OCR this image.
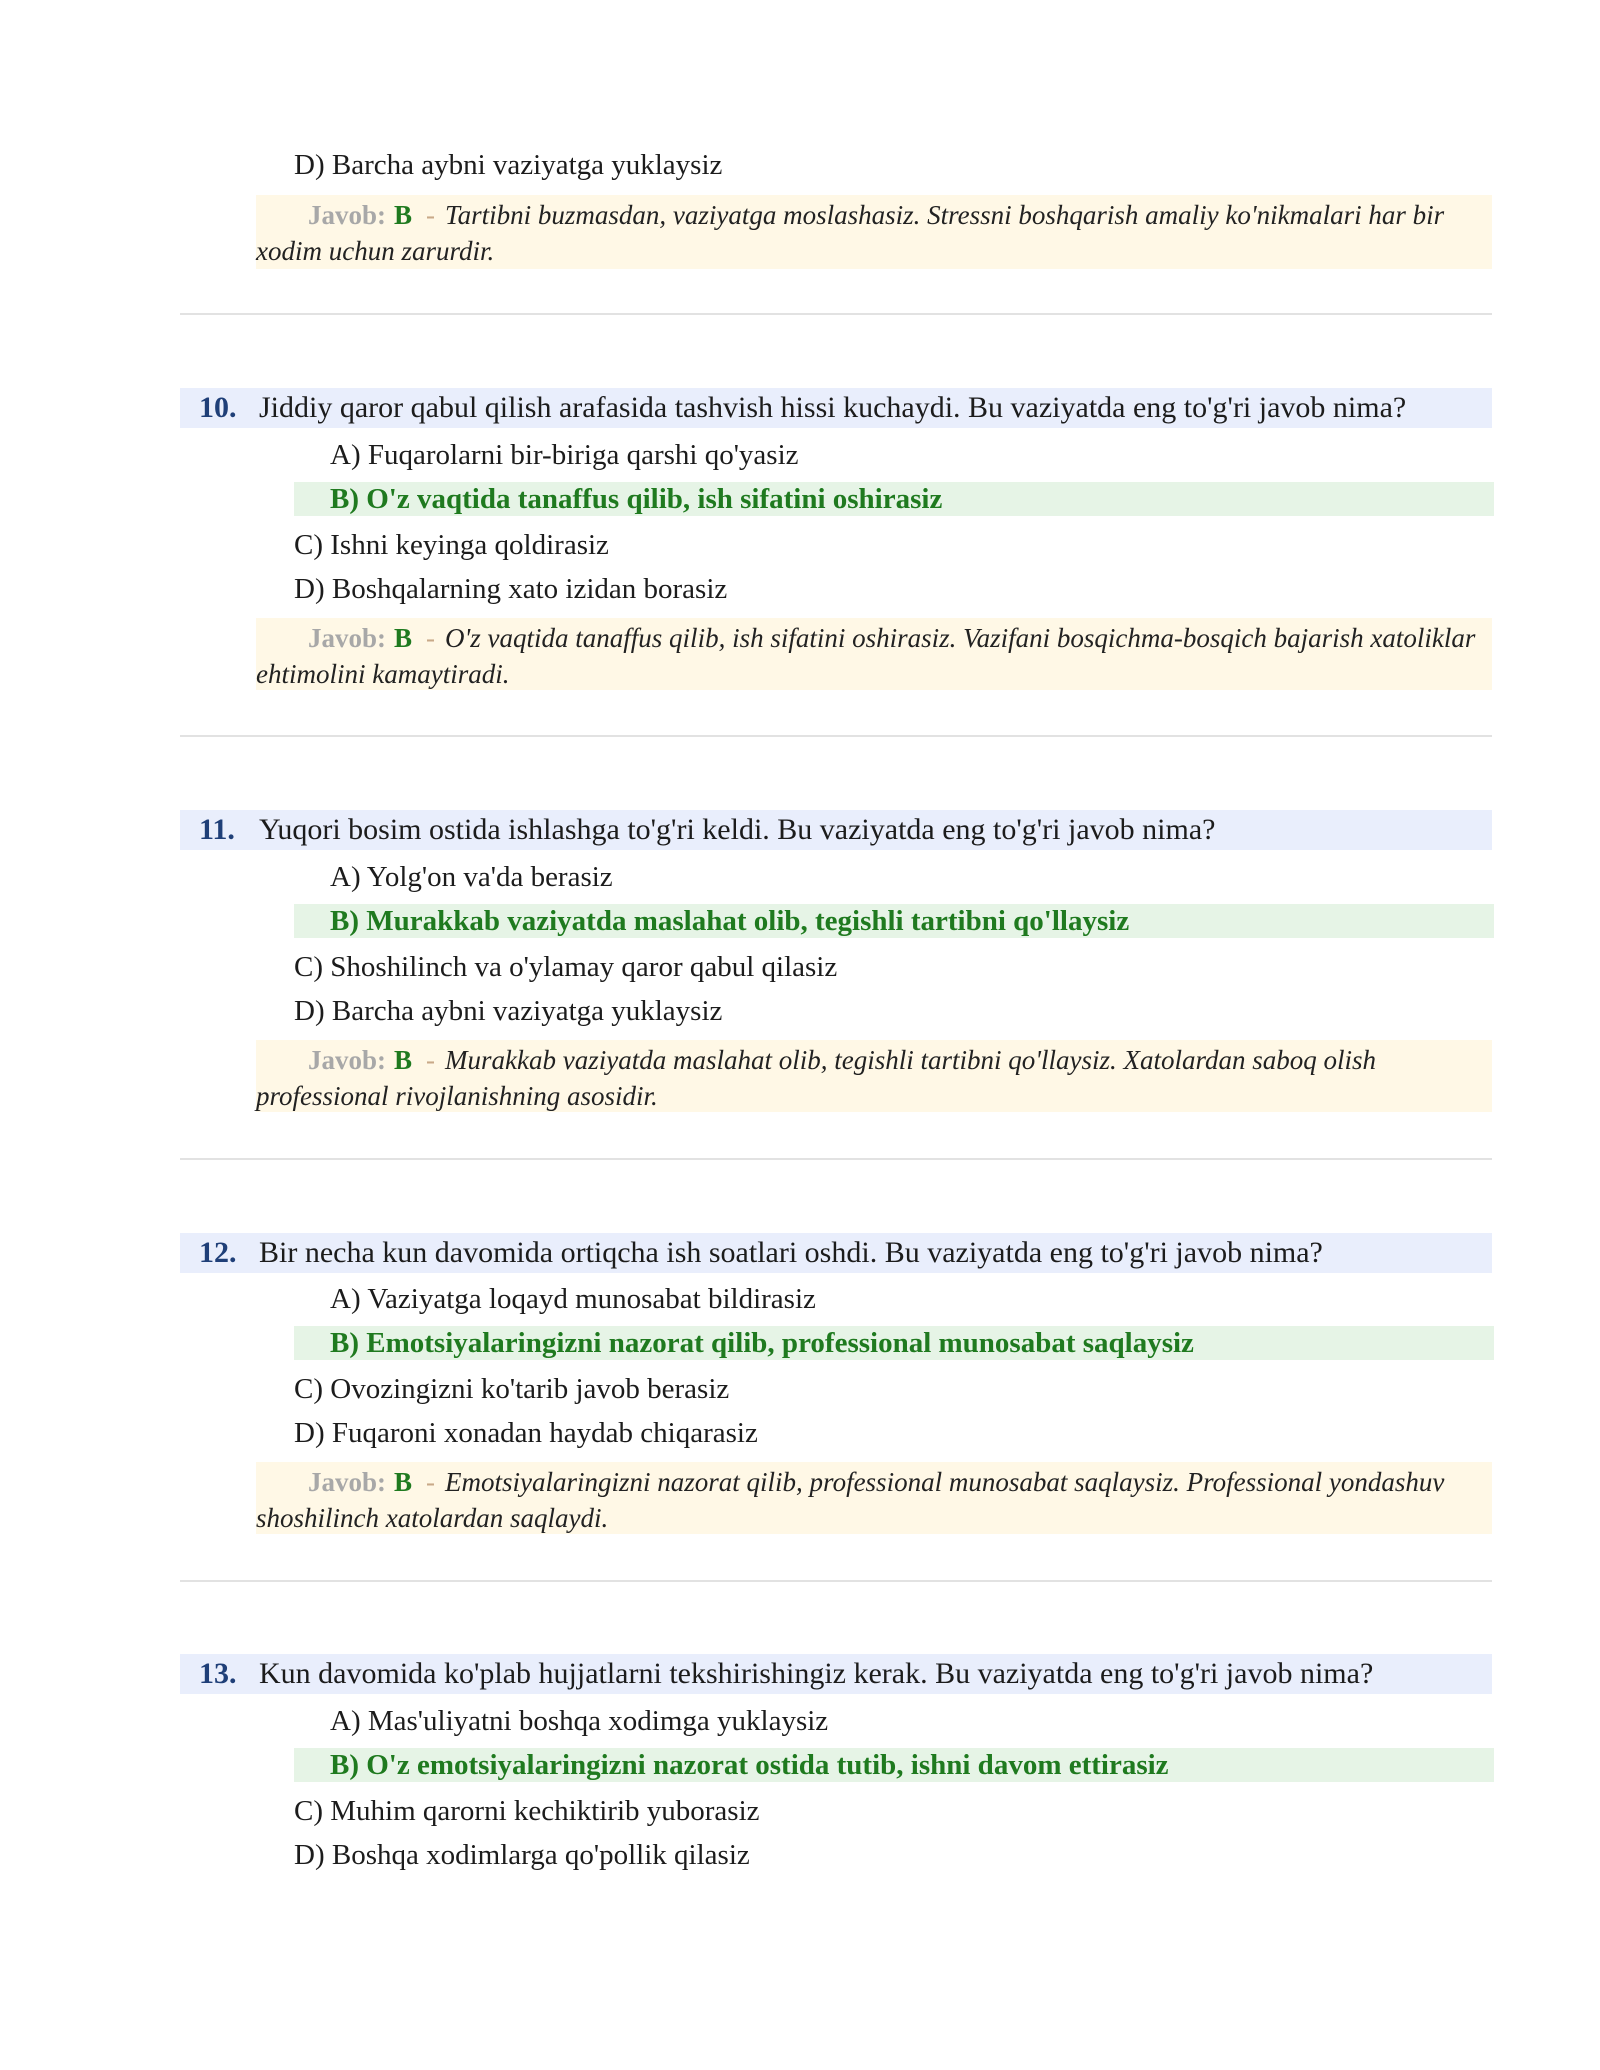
D) Barcha aybni vaziyatga yuklaysiz
Javob: B - Tartibni buzmasdan, vaziyatga moslashasiz. Stressni boshqarish amaliy ko'nikmalari har bir xodim uchun zarurdir.
10. Jiddiy qaror qabul qilish arafasida tashvish hissi kuchaydi. Bu vaziyatda eng to'g'ri javob nima?
A) Fuqarolarni bir-biriga qarshi qo'yasiz
B) O'z vaqtida tanaffus qilib, ish sifatini oshirasiz
C) Ishni keyinga qoldirasiz
D) Boshqalarning xato izidan borasiz
Javob: B - O'z vaqtida tanaffus qilib, ish sifatini oshirasiz. Vazifani bosqichma-bosqich bajarish xatoliklar ehtimolini kamaytiradi.
11. Yuqori bosim ostida ishlashga to'g'ri keldi. Bu vaziyatda eng to'g'ri javob nima?
A) Yolg'on va'da berasiz
B) Murakkab vaziyatda maslahat olib, tegishli tartibni qo'llaysiz
C) Shoshilinch va o'ylamay qaror qabul qilasiz
D) Barcha aybni vaziyatga yuklaysiz
Javob: B - Murakkab vaziyatda maslahat olib, tegishli tartibni qo'llaysiz. Xatolardan saboq olish professional rivojlanishning asosidir.
12. Bir necha kun davomida ortiqcha ish soatlari oshdi. Bu vaziyatda eng to'g'ri javob nima?
A) Vaziyatga loqayd munosabat bildirasiz
B) Emotsiyalaringizni nazorat qilib, professional munosabat saqlaysiz
C) Ovozingizni ko'tarib javob berasiz
D) Fuqaroni xonadan haydab chiqarasiz
Javob: B - Emotsiyalaringizni nazorat qilib, professional munosabat saqlaysiz. Professional yondashuv shoshilinch xatolardan saqlaydi.
13. Kun davomida ko'plab hujjatlarni tekshirishingiz kerak. Bu vaziyatda eng to'g'ri javob nima?
A) Mas'uliyatni boshqa xodimga yuklaysiz
B) O'z emotsiyalaringizni nazorat ostida tutib, ishni davom ettirasiz
C) Muhim qarorni kechiktirib yuborasiz
D) Boshqa xodimlarga qo'pollik qilasiz
